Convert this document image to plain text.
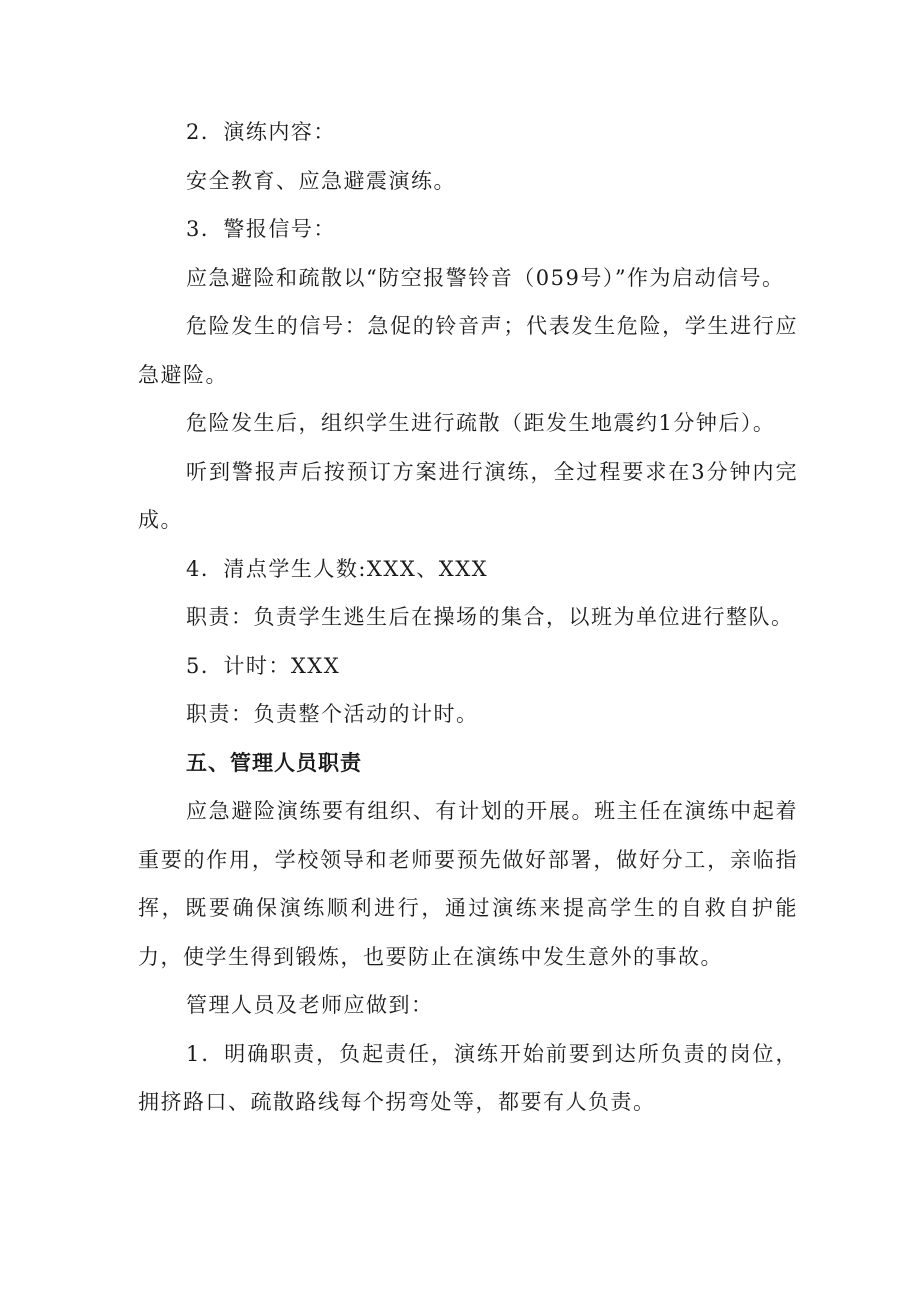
2．演练内容：

安全教育、应急避震演练。

3．警报信号：

应急避险和疏散以“防空报警铃音（059号）”作为启动信号。

危险发生的信号：急促的铃音声；代表发生危险，学生进行应急避险。

危险发生后，组织学生进行疏散（距发生地震约1分钟后）。

听到警报声后按预订方案进行演练，全过程要求在3分钟内完成。

4．清点学生人数:XXX、XXX

职责：负责学生逃生后在操场的集合，以班为单位进行整队。

5．计时：XXX

职责：负责整个活动的计时。

五、管理人员职责

应急避险演练要有组织、有计划的开展。班主任在演练中起着重要的作用，学校领导和老师要预先做好部署，做好分工，亲临指挥，既要确保演练顺利进行，通过演练来提高学生的自救自护能力，使学生得到锻炼，也要防止在演练中发生意外的事故。

管理人员及老师应做到：

1．明确职责，负起责任，演练开始前要到达所负责的岗位，拥挤路口、疏散路线每个拐弯处等，都要有人负责。
